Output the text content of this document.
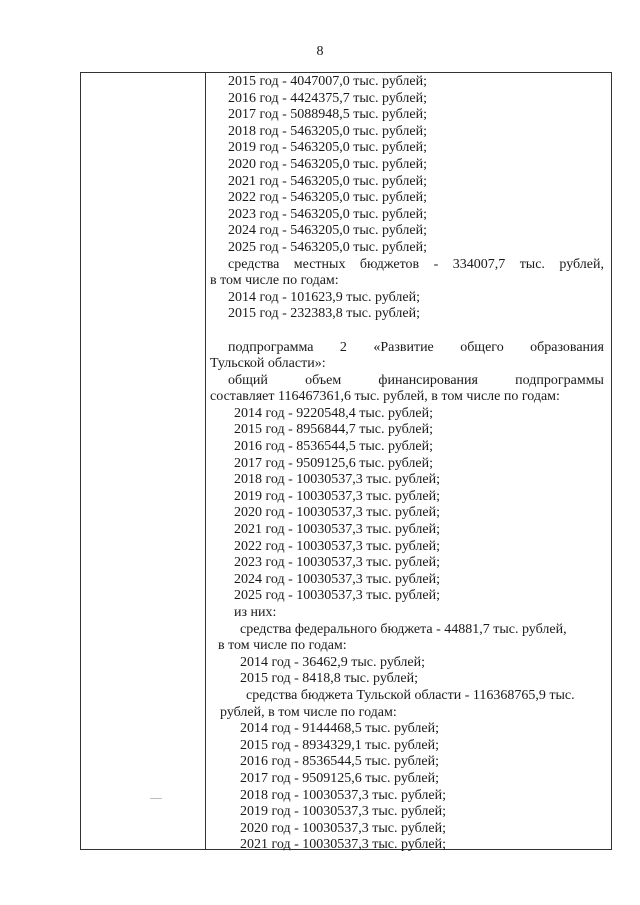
8
2015 год - 4047007,0 тыс. рублей;
2016 год - 4424375,7 тыс. рублей;
2017 год - 5088948,5 тыс. рублей;
2018 год - 5463205,0 тыс. рублей;
2019 год - 5463205,0 тыс. рублей;
2020 год - 5463205,0 тыс. рублей;
2021 год - 5463205,0 тыс. рублей;
2022 год - 5463205,0 тыс. рублей;
2023 год - 5463205,0 тыс. рублей;
2024 год - 5463205,0 тыс. рублей;
2025 год - 5463205,0 тыс. рублей;
средства местных бюджетов - 334007,7 тыс. рублей,
в том числе по годам:
2014 год - 101623,9 тыс. рублей;
2015 год - 232383,8 тыс. рублей;
подпрограмма 2 «Развитие общего образования
Тульской области»:
общий	объем	финансирования	подпрограммы
составляет 116467361,6 тыс. рублей, в том числе по годам:
2014 год - 9220548,4 тыс. рублей;
2015 год - 8956844,7 тыс. рублей;
2016 год - 8536544,5 тыс. рублей;
2017 год - 9509125,6 тыс. рублей;
2018 год - 10030537,3 тыс. рублей;
2019 год - 10030537,3 тыс. рублей;
2020 год - 10030537,3 тыс. рублей;
2021 год - 10030537,3 тыс. рублей;
2022 год - 10030537,3 тыс. рублей;
2023 год - 10030537,3 тыс. рублей;
2024 год - 10030537,3 тыс. рублей;
2025 год - 10030537,3 тыс. рублей;
из них:
средства федерального бюджета - 44881,7 тыс. рублей,
в том числе по годам:
2014 год - 36462,9 тыс. рублей;
2015 год - 8418,8 тыс. рублей;
средства бюджета Тульской области - 116368765,9 тыс.
рублей, в том числе по годам:
2014 год - 9144468,5 тыс. рублей;
2015 год - 8934329,1 тыс. рублей;
2016 год - 8536544,5 тыс. рублей;
2017 год - 9509125,6 тыс. рублей;
2018 год - 10030537,3 тыс. рублей;
2019 год - 10030537,3 тыс. рублей;
2020 год - 10030537,3 тыс. рублей;
2021 год - 10030537,3 тыс. рублей;
